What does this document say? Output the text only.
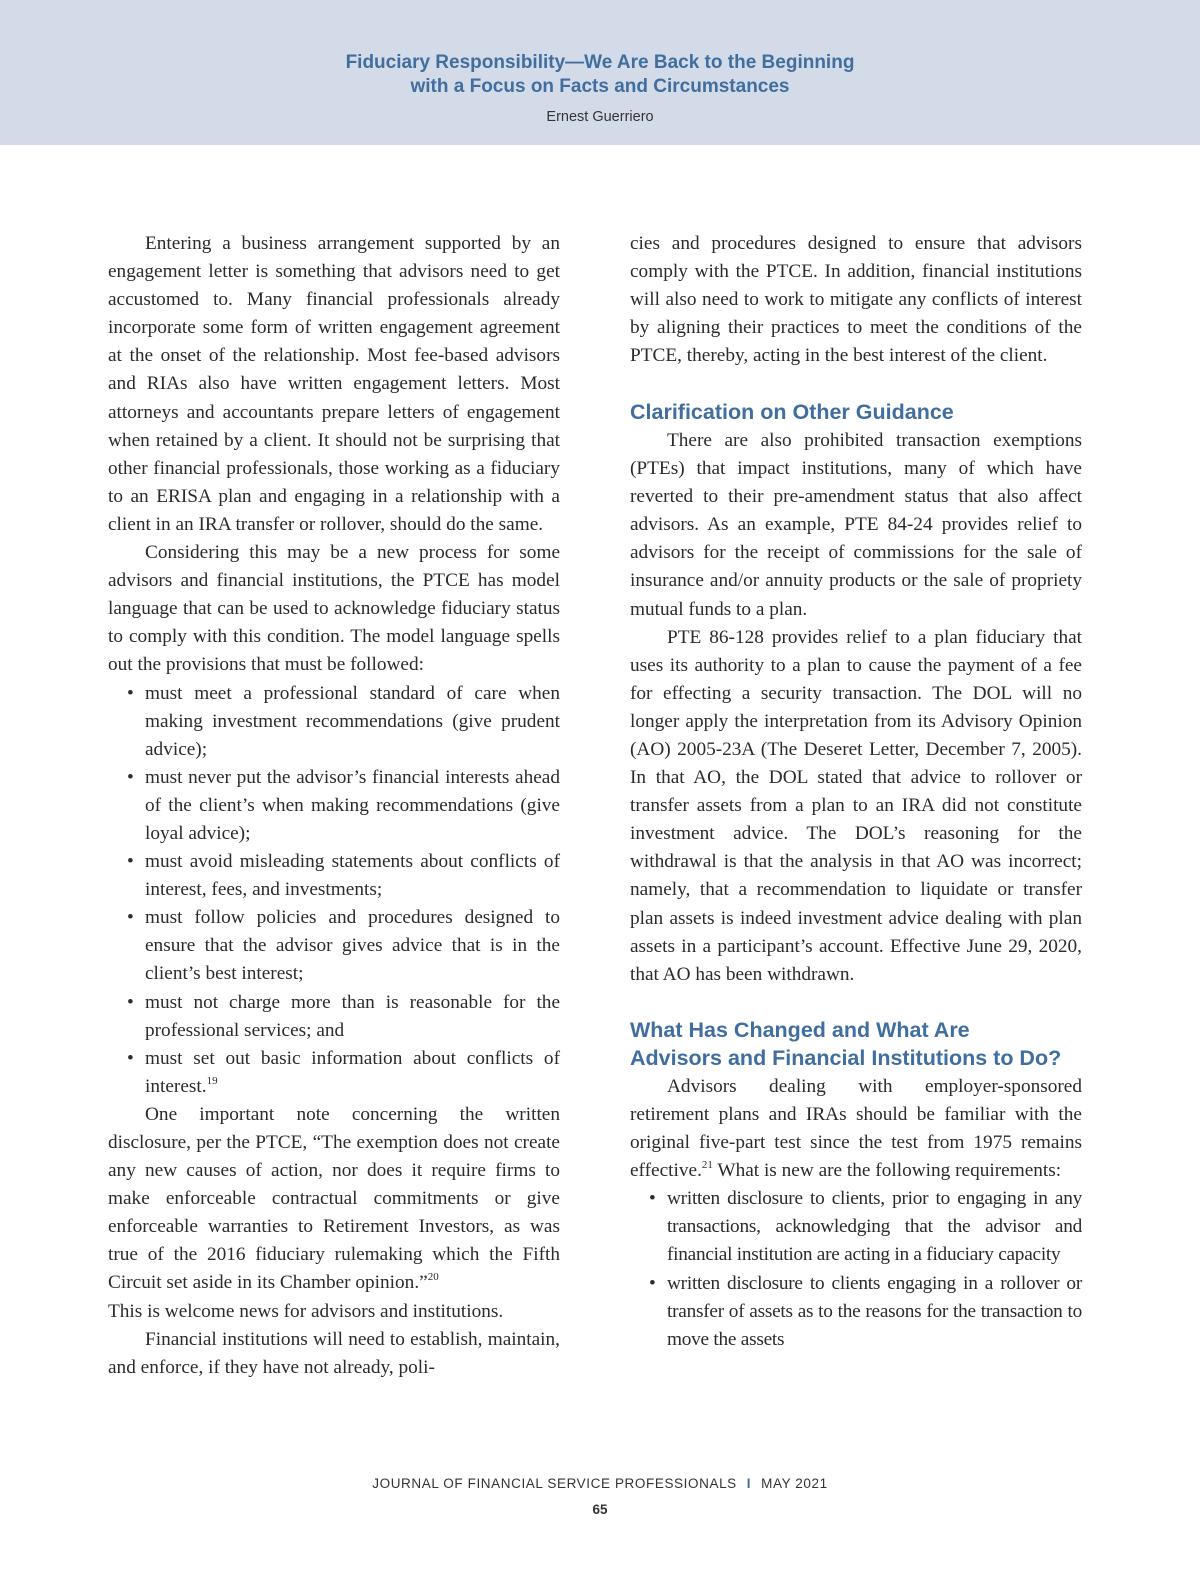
Fiduciary Responsibility—We Are Back to the Beginning
with a Focus on Facts and Circumstances
Ernest Guerriero

Entering a business arrangement supported by an engagement letter is something that advisors need to get accustomed to. Many financial professionals already incorporate some form of written engagement agreement at the onset of the relationship. Most fee-based advisors and RIAs also have written engagement letters. Most attorneys and accountants prepare letters of engagement when retained by a client. It should not be surprising that other financial professionals, those working as a fiduciary to an ERISA plan and engaging in a relationship with a client in an IRA transfer or rollover, should do the same.

Considering this may be a new process for some advisors and financial institutions, the PTCE has model language that can be used to acknowledge fiduciary status to comply with this condition. The model language spells out the provisions that must be followed:

• must meet a professional standard of care when making investment recommendations (give prudent advice);
• must never put the advisor’s financial interests ahead of the client’s when making recommendations (give loyal advice);
• must avoid misleading statements about conflicts of interest, fees, and investments;
• must follow policies and procedures designed to ensure that the advisor gives advice that is in the client’s best interest;
• must not charge more than is reasonable for the professional services; and
• must set out basic information about conflicts of interest.$^{19}$

One important note concerning the written disclosure, per the PTCE, “The exemption does not create any new causes of action, nor does it require firms to make enforceable contractual commitments or give enforceable warranties to Retirement Investors, as was true of the 2016 fiduciary rulemaking which the Fifth Circuit set aside in its Chamber opinion.”$^{20}$
This is welcome news for advisors and institutions.

Financial institutions will need to establish, maintain, and enforce, if they have not already, poli-

cies and procedures designed to ensure that advisors comply with the PTCE. In addition, financial institutions will also need to work to mitigate any conflicts of interest by aligning their practices to meet the conditions of the PTCE, thereby, acting in the best interest of the client.

Clarification on Other Guidance

There are also prohibited transaction exemptions (PTEs) that impact institutions, many of which have reverted to their pre-amendment status that also affect advisors. As an example, PTE 84-24 provides relief to advisors for the receipt of commissions for the sale of insurance and/or annuity products or the sale of propriety mutual funds to a plan.

PTE 86-128 provides relief to a plan fiduciary that uses its authority to a plan to cause the payment of a fee for effecting a security transaction. The DOL will no longer apply the interpretation from its Advisory Opinion (AO) 2005-23A (The Deseret Letter, December 7, 2005). In that AO, the DOL stated that advice to rollover or transfer assets from a plan to an IRA did not constitute investment advice. The DOL’s reasoning for the withdrawal is that the analysis in that AO was incorrect; namely, that a recommendation to liquidate or transfer plan assets is indeed investment advice dealing with plan assets in a participant’s account. Effective June 29, 2020, that AO has been withdrawn.

What Has Changed and What Are
Advisors and Financial Institutions to Do?

Advisors dealing with employer-sponsored retirement plans and IRAs should be familiar with the original five-part test since the test from 1975 remains effective.$^{21}$ What is new are the following requirements:

• written disclosure to clients, prior to engaging in any transactions, acknowledging that the advisor and financial institution are acting in a fiduciary capacity
• written disclosure to clients engaging in a rollover or transfer of assets as to the reasons for the transaction to move the assets
JOURNAL OF FINANCIAL SERVICE PROFESSIONALS I MAY 2021
65
